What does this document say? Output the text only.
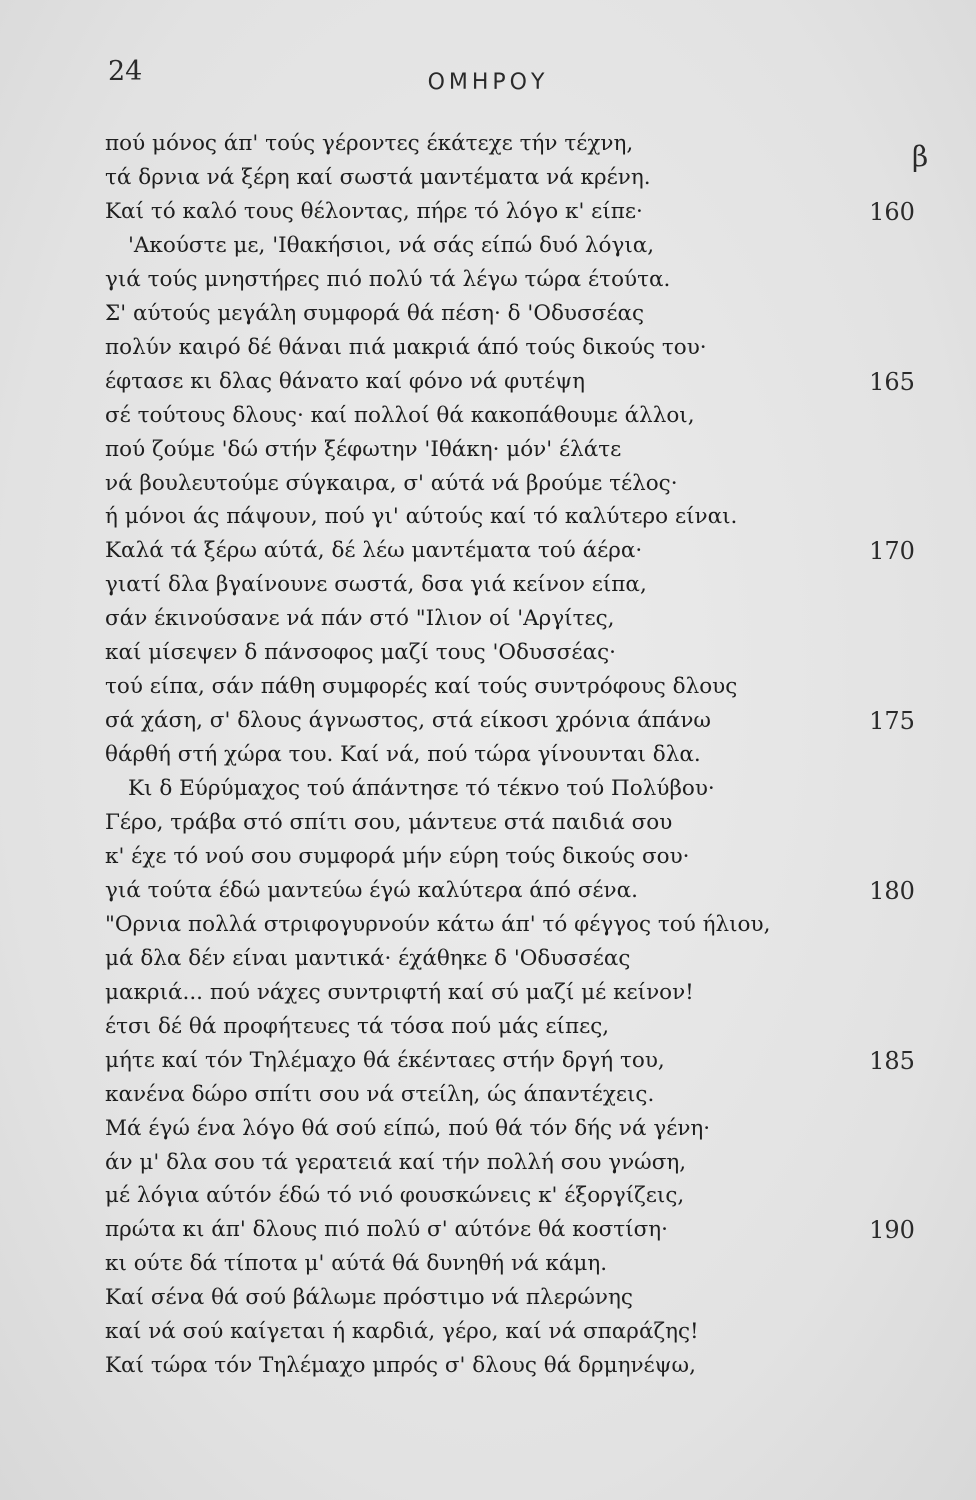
24	ΟΜΗΡΟΥ
β
πού μόνος άπ' τούς γέροντες έκάτεχε τήν τέχνη,
τά δρνια νά ξέρη καί σωστά μαντέματα νά κρένη.
Καί τό καλό τους θέλοντας, πήρε τό λόγο κ' είπε·	160
'Ακούστε με, 'Ιθακήσιοι, νά σάς είπώ δυό λόγια,
γιά τούς μνηστήρες πιό πολύ τά λέγω τώρα έτούτα.
Σ' αύτούς μεγάλη συμφορά θά πέση· δ 'Οδυσσέας
πολύν καιρό δέ θάναι πιά μακριά άπό τούς δικούς του·
έφτασε κι δλας θάνατο καί φόνο νά φυτέψη	165
σέ τούτους δλους· καί πολλοί θά κακοπάθουμε άλλοι,
πού ζούμε 'δώ στήν ξέφωτην 'Ιθάκη· μόν' έλάτε
νά βουλευτούμε σύγκαιρα, σ' αύτά νά βρούμε τέλος·
ή μόνοι άς πάψουν, πού γι' αύτούς καί τό καλύτερο είναι.
Καλά τά ξέρω αύτά, δέ λέω μαντέματα τού άέρα·	170
γιατί δλα βγαίνουνε σωστά, δσα γιά κείνον είπα,
σάν έκινούσανε νά πάν στό "Ιλιον οί 'Αργίτες,
καί μίσεψεν δ πάνσοφος μαζί τους 'Οδυσσέας·
τού είπα, σάν πάθη συμφορές καί τούς συντρόφους δλους
σά χάση, σ' δλους άγνωστος, στά είκοσι χρόνια άπάνω	175
θάρθή στή χώρα του. Καί νά, πού τώρα γίνουνται δλα.
Κι δ Εύρύμαχος τού άπάντησε τό τέκνο τού Πολύβου·
Γέρο, τράβα στό σπίτι σου, μάντευε στά παιδιά σου
κ' έχε τό νού σου συμφορά μήν εύρη τούς δικούς σου·
γιά τούτα έδώ μαντεύω έγώ καλύτερα άπό σένα.	180
"Ορνια πολλά στριφογυρνούν κάτω άπ' τό φέγγος τού ήλιου,
μά δλα δέν είναι μαντικά· έχάθηκε δ 'Οδυσσέας
μακριά... πού νάχες συντριφτή καί σύ μαζί μέ κείνον!
έτσι δέ θά προφήτευες τά τόσα πού μάς είπες,
μήτε καί τόν Τηλέμαχο θά έκένταες στήν δργή του,	185
κανένα δώρο σπίτι σου νά στείλη, ώς άπαντέχεις.
Μά έγώ ένα λόγο θά σού είπώ, πού θά τόν δής νά γένη·
άν μ' δλα σου τά γερατειά καί τήν πολλή σου γνώση,
μέ λόγια αύτόν έδώ τό νιό φουσκώνεις κ' έξοργίζεις,
πρώτα κι άπ' δλους πιό πολύ σ' αύτόνε θά κοστίση·	190
κι ούτε δά τίποτα μ' αύτά θά δυνηθή νά κάμη.
Καί σένα θά σού βάλωμε πρόστιμο νά πλερώνης
καί νά σού καίγεται ή καρδιά, γέρο, καί νά σπαράζης!
Καί τώρα τόν Τηλέμαχο μπρός σ' δλους θά δρμηνέψω,
